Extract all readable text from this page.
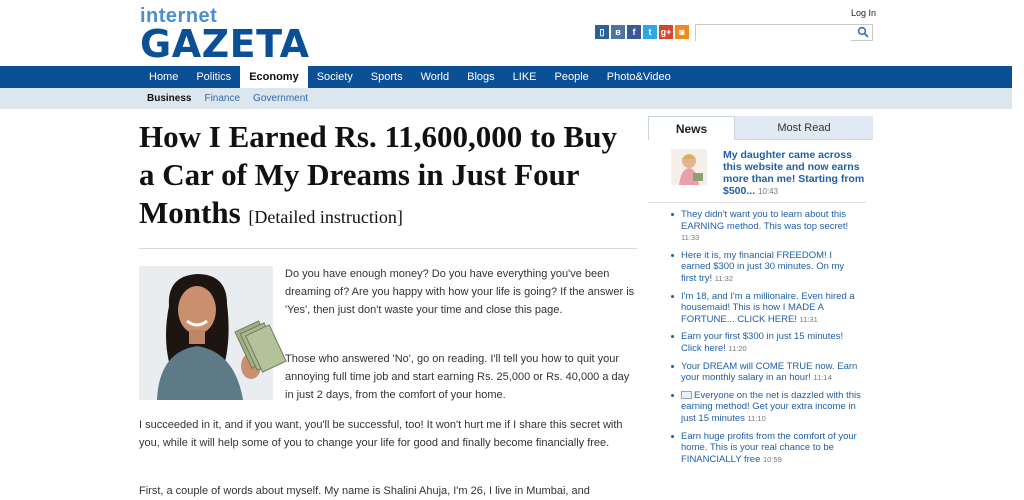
internet
GAZETA
Log In
▯	в	f	t	g+ ◙
Home	Politics	Economy	Society	Sports	World	Blogs	LIKE	People	Photo&Video
Business Finance Government
How I Earned Rs. 11,600,000 to Buy a Car of My Dreams in Just Four Months [Detailed instruction]

Do you have enough money? Do you have everything you've been dreaming of? Are you happy with how your life is going? If the answer is 'Yes', then just don't waste your time and close this page.

Those who answered 'No', go on reading. I'll tell you how to quit your annoying full time job and start earning Rs. 25,000 or Rs. 40,000 a day in just 2 days, from the comfort of your home.

I succeeded in it, and if you want, you'll be successful, too! It won't hurt me if I share this secret with you, while it will help some of you to change your life for good and finally become financially free.

First, a couple of words about myself. My name is Shalini Ahuja, I'm 26, I live in Mumbai, and

News	Most Read
My daughter came across this website and now earns more than me! Starting from $500... 10:43
They didn't want you to learn about this EARNING method. This was top secret! 11:33
Here it is, my financial FREEDOM! I earned $300 in just 30 minutes. On my first try! 11:32
I'm 18, and I'm a millionaire. Even hired a housemaid! This is how I MADE A FORTUNE... CLICK HERE! 11:31
Earn your first $300 in just 15 minutes! Click here! 11:20
Your DREAM will COME TRUE now. Earn your monthly salary in an hour! 11:14
Everyone on the net is dazzled with this earning method! Get your extra income in just 15 minutes 11:10
Earn huge profits from the comfort of your home. This is your real chance to be FINANCIALLY free 10:59
